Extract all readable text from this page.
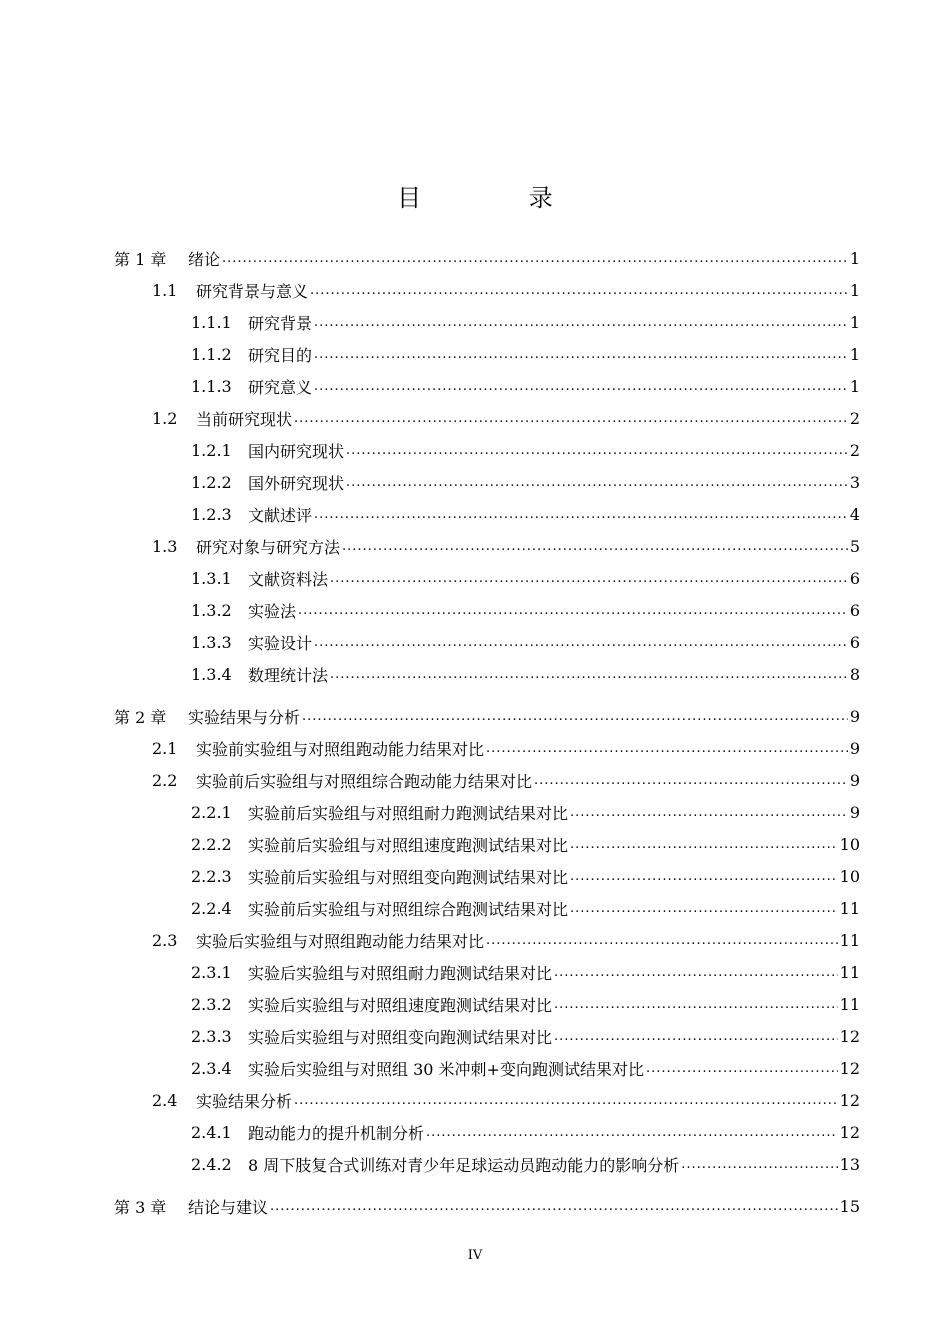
目 录
第 1 章	绪论 .....	1
1.1	研究背景与意义 .....	1
1.1.1	研究背景 .....	1
1.1.2	研究目的 .....	1
1.1.3	研究意义 .....	1
1.2	当前研究现状 .....	2
1.2.1	国内研究现状 .....	2
1.2.2	国外研究现状 .....	3
1.2.3	文献述评 .....	4
1.3	研究对象与研究方法 .....	5
1.3.1	文献资料法 .....	6
1.3.2	实验法 .....	6
1.3.3	实验设计 .....	6
1.3.4	数理统计法 .....	8
第 2 章	实验结果与分析 .....	9
2.1	实验前实验组与对照组跑动能力结果对比 .....	9
2.2	实验前后实验组与对照组综合跑动能力结果对比 .....	9
2.2.1	实验前后实验组与对照组耐力跑测试结果对比 .....	9
2.2.2	实验前后实验组与对照组速度跑测试结果对比 .....	10
2.2.3	实验前后实验组与对照组变向跑测试结果对比 .....	10
2.2.4	实验前后实验组与对照组综合跑测试结果对比 .....	11
2.3	实验后实验组与对照组跑动能力结果对比 .....	11
2.3.1	实验后实验组与对照组耐力跑测试结果对比 .....	11
2.3.2	实验后实验组与对照组速度跑测试结果对比 .....	11
2.3.3	实验后实验组与对照组变向跑测试结果对比 .....	12
2.3.4	实验后实验组与对照组 30 米冲刺+变向跑测试结果对比 .....	12
2.4	实验结果分析 .....	12
2.4.1	跑动能力的提升机制分析 .....	12
2.4.2	8 周下肢复合式训练对青少年足球运动员跑动能力的影响分析 .....	13
第 3 章	结论与建议 .....	15
IV
